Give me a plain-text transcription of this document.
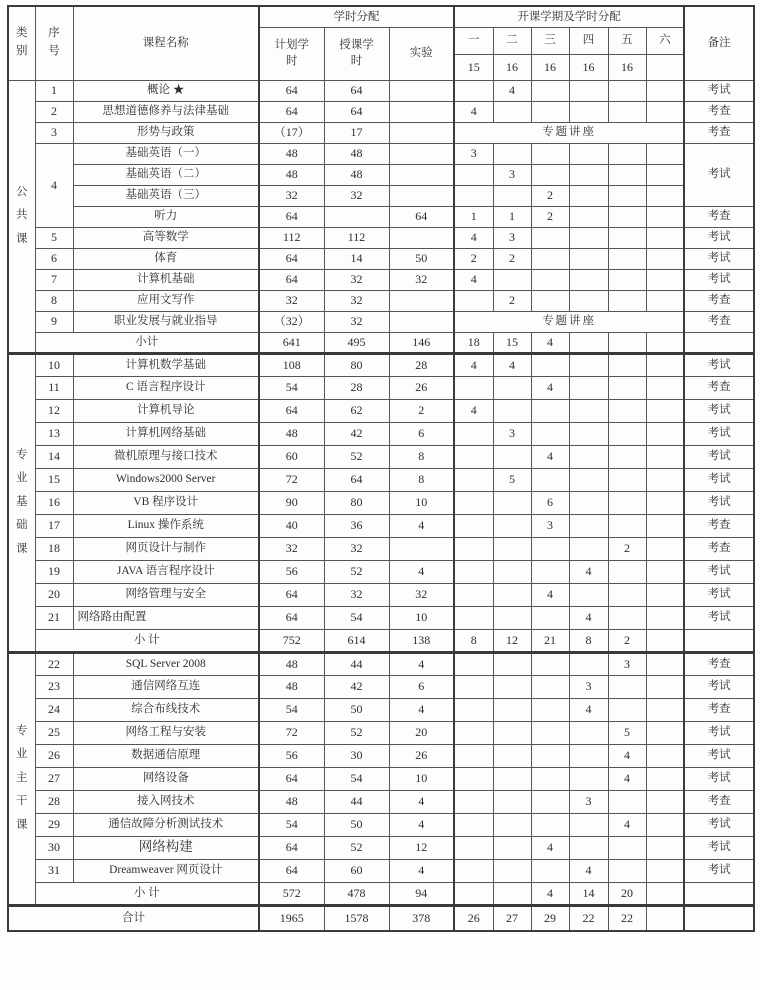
类别	序号	课程名称	学时分配			开课学期及学时分配						备注

			计划学时	授课学时	实验	一	二	三	四	五	六	
						15	16	16	16	16		

公
共
课	1	概论 ★	64	64			4					考试
	2	思想道德修养与法律基础	64	64		4						考查
	3	形势与政策	（17）	17		专题讲座						考查
	4	基础英语（一）	48	48		3						考试
		基础英语（二）	48	48			3					
		基础英语（三）	32	32				2				
		听力	64		64	1	1	2				考查
	5	高等数学	112	112		4	3					考试
	6	体育	64	14	50	2	2					考试
	7	计算机基础	64	32	32	4						考试
	8	应用文写作	32	32			2					考查
	9	职业发展与就业指导	（32）	32		专题讲座						考查
	小计		641	495	146	18	15	4				

专
业
基
础
课	10	计算机数学基础	108	80	28	4	4					考试
	11	C 语言程序设计	54	28	26			4				考查
	12	计算机导论	64	62	2	4						考试
	13	计算机网络基础	48	42	6		3					考试
	14	微机原理与接口技术	60	52	8			4				考试
	15	Windows2000 Server	72	64	8		5					考试
	16	VB 程序设计	90	80	10			6				考试
	17	Linux 操作系统	40	36	4			3				考查
	18	网页设计与制作	32	32						2		考查
	19	JAVA 语言程序设计	56	52	4				4			考试
	20	网络管理与安全	64	32	32			4				考试
	21	网络路由配置	64	54	10				4			考试
	小 计		752	614	138	8	12	21	8	2		

专
业
主
干
课	22	SQL Server 2008	48	44	4					3		考查
	23	通信网络互连	48	42	6				3			考试
	24	综合布线技术	54	50	4				4			考查
	25	网络工程与安装	72	52	20					5		考试
	26	数据通信原理	56	30	26					4		考试
	27	网络设备	64	54	10					4		考试
	28	接入网技术	48	44	4				3			考查
	29	通信故障分析测试技术	54	50	4					4		考试
	30	网络构建	64	52	12			4				考试
	31	Dreamweaver 网页设计	64	60	4				4			考试
	小 计		572	478	94			4	14	20		
合计			1965	1578	378	26	27	29	22	22		
